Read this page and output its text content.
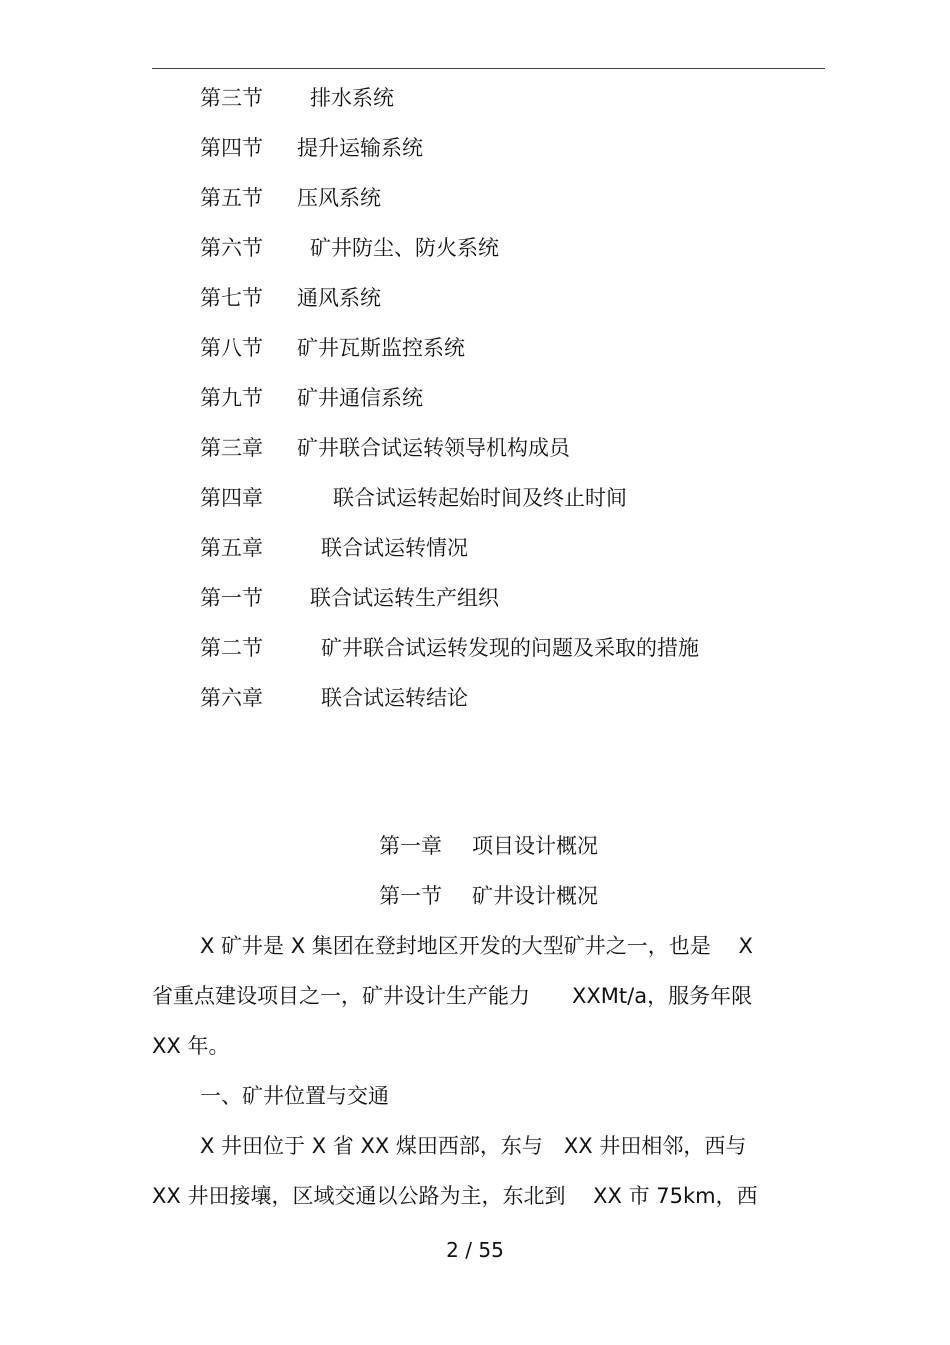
第三节 排水系统
第四节 提升运输系统
第五节 压风系统
第六节 矿井防尘、防火系统
第七节 通风系统
第八节 矿井瓦斯监控系统
第九节 矿井通信系统
第三章 矿井联合试运转领导机构成员
第四章	联合试运转起始时间及终止时间
第五章	联合试运转情况
第一节 联合试运转生产组织
第二节	矿井联合试运转发现的问题及采取的措施
第六章	联合试运转结论
第一章 项目设计概况
第一节 矿井设计概况
X 矿井是 X 集团在登封地区开发的大型矿井之一，也是　 X
省重点建设项目之一，矿井设计生产能力　　XXMt/a，服务年限
XX 年。
一、矿井位置与交通
X 井田位于 X 省 XX 煤田西部，东与　XX 井田相邻，西与
XX 井田接壤，区域交通以公路为主，东北到　 XX 市 75km，西
2 / 55
